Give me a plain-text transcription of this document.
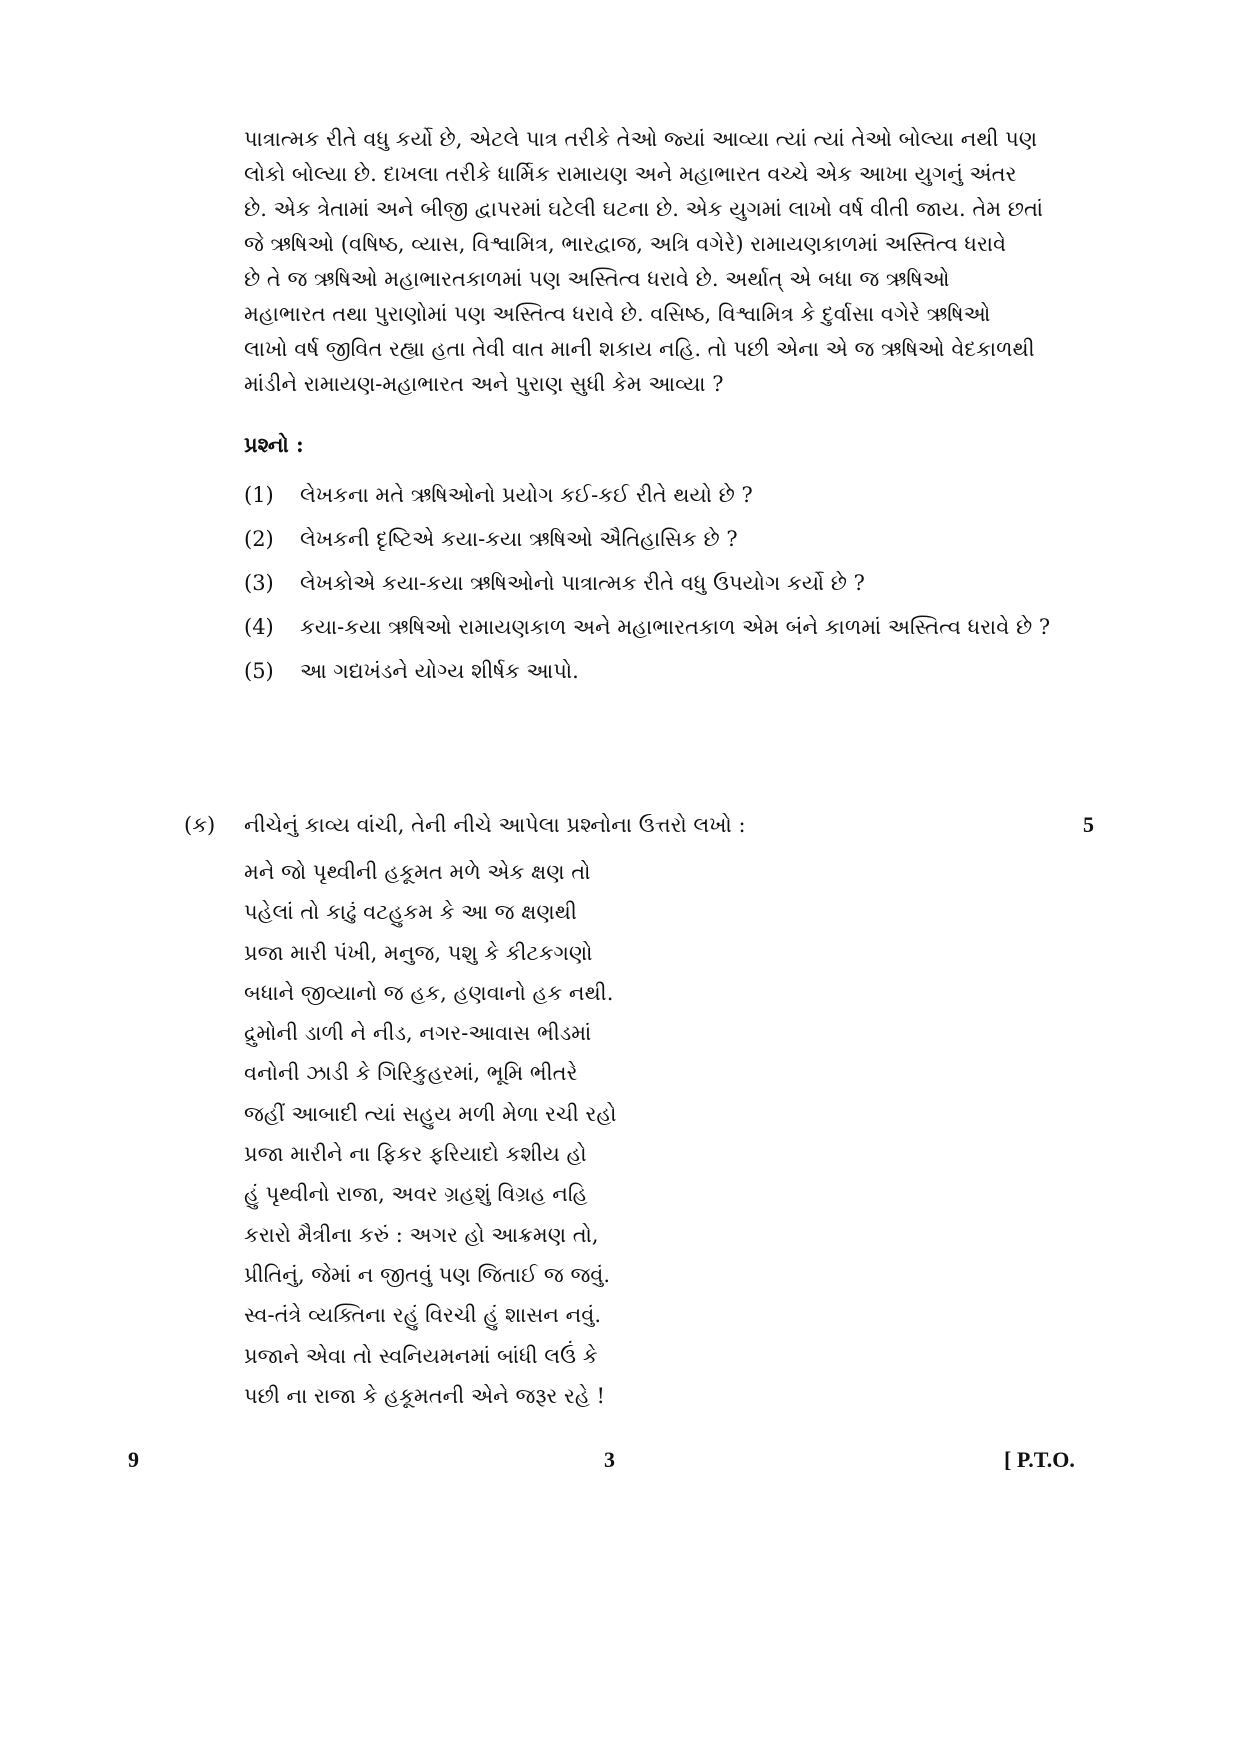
પાત્રાત્મક રીતે વધુ કર્યો છે, એટલે પાત્ર તરીકે તેઓ જ્યાં આવ્યા ત્યાં ત્યાં તેઓ બોલ્યા નથી પણ

લોકો બોલ્યા છે. દાખલા તરીકે ધાર્મિક રામાયણ અને મહાભારત વચ્ચે એક આખા યુગનું અંતર

છે. એક ત્રેતામાં અને બીજી દ્વાપરમાં ઘટેલી ઘટના છે. એક યુગમાં લાખો વર્ષ વીતી જાય. તેમ છતાં

જે ઋષિઓ (વષિષ્ઠ, વ્યાસ, વિશ્વામિત્ર, ભારદ્વાજ, અત્રિ વગેરે) રામાયણકાળમાં અસ્તિત્વ ધરાવે

છે તે જ ઋષિઓ મહાભારતકાળમાં પણ અસ્તિત્વ ધરાવે છે. અર્થાત્ એ બધા જ ઋષિઓ

મહાભારત તથા પુરાણોમાં પણ અસ્તિત્વ ધરાવે છે. વસિષ્ઠ, વિશ્વામિત્ર કે દુર્વાસા વગેરે ઋષિઓ

લાખો વર્ષ જીવિત રહ્યા હતા તેવી વાત માની શકાય નહિ. તો પછી એના એ જ ઋષિઓ વેદકાળથી

માંડીને રામાયણ-મહાભારત અને પુરાણ સુધી કેમ આવ્યા ?

પ્રશ્નો :
(1) લેખકના મતે ઋષિઓનો પ્રયોગ કઈ-કઈ રીતે થયો છે ?
(2) લેખકની દૃષ્ટિએ કયા-કયા ઋષિઓ ઐતિહાસિક છે ?
(3) લેખકોએ કયા-કયા ઋષિઓનો પાત્રાત્મક રીતે વધુ ઉપયોગ કર્યો છે ?
(4) કયા-કયા ઋષિઓ રામાયણકાળ અને મહાભારતકાળ એમ બંને કાળમાં અસ્તિત્વ ધરાવે છે ?
(5) આ ગદ્યખંડને યોગ્ય શીર્ષક આપો.
(ક) નીચેનું કાવ્ય વાંચી, તેની નીચે આપેલા પ્રશ્નોના ઉત્તરો લખો :	5
મને જો પૃથ્વીની હકૂમત મળે એક ક્ષણ તો
પહેલાં તો કાઢું વટહુકમ કે આ જ ક્ષણથી
પ્રજા મારી પંખી, મનુજ, પશુ કે કીટકગણો
બધાને જીવ્યાનો જ હક, હણવાનો હક નથી.
દ્રુમોની ડાળી ને નીડ, નગર-આવાસ ભીડમાં
વનોની ઝાડી કે ગિરિકુહરમાં, ભૂમિ ભીતરે
જહીં આબાદી ત્યાં સહુય મળી મેળા રચી રહો
પ્રજા મારીને ના ફિકર ફરિયાદો કશીય હો
હું પૃથ્વીનો રાજા, અવર ગ્રહશું વિગ્રહ નહિ
કરારો મૈત્રીના કરું : અગર હો આક્રમણ તો,
પ્રીતિનું, જેમાં ન જીતવું પણ જિતાઈ જ જવું.
સ્વ-તંત્રે વ્યક્તિના રહું વિરચી હું શાસન નવું.
પ્રજાને એવા તો સ્વનિયમનમાં બાંધી લઉં કે
પછી ના રાજા કે હકૂમતની એને જરૂર રહે !
9	3	[ P.T.O.
